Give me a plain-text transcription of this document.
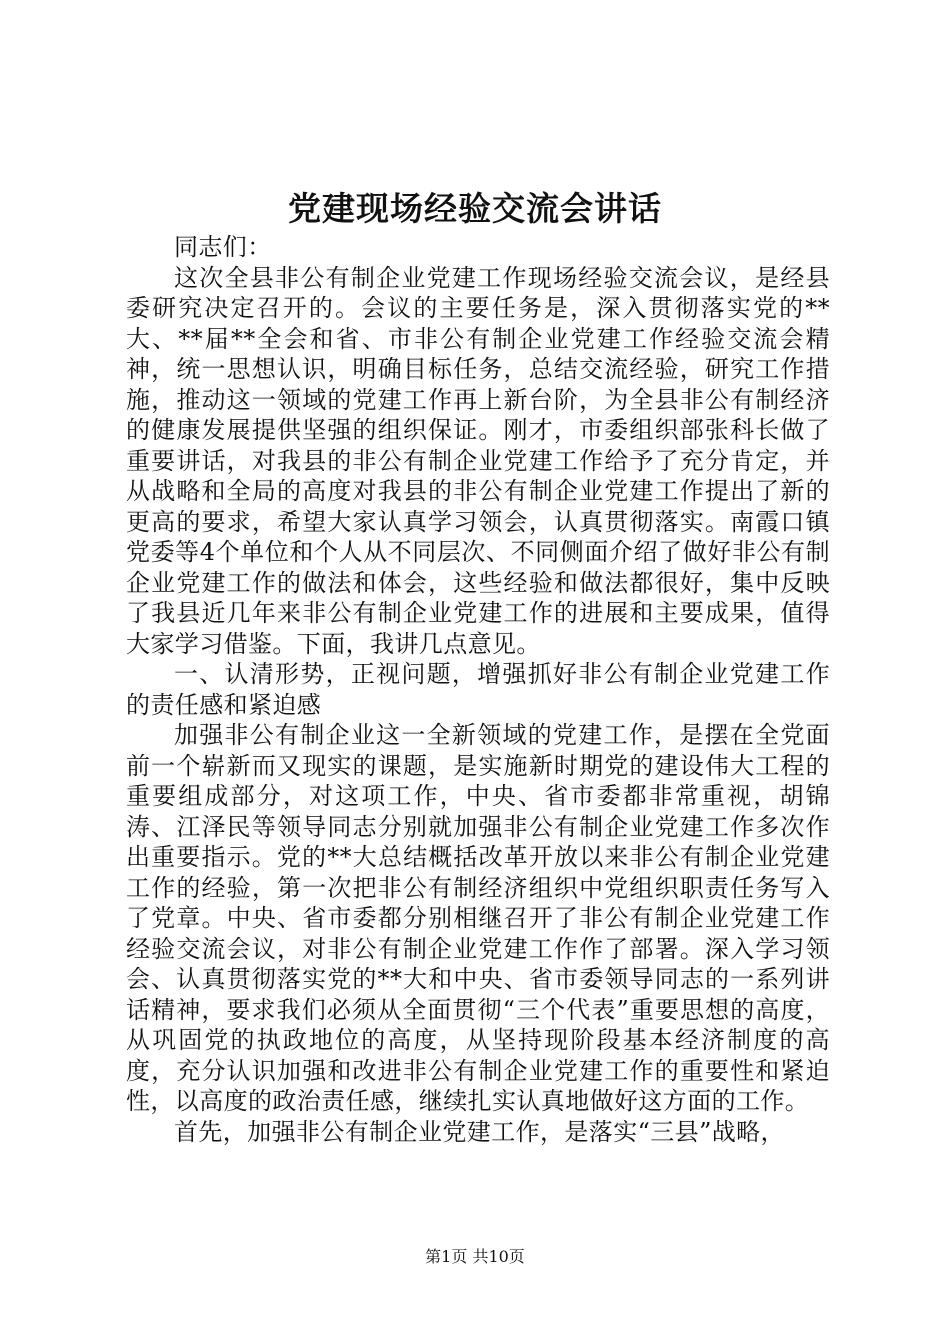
党建现场经验交流会讲话

同志们：

这次全县非公有制企业党建工作现场经验交流会议，是经县委研究决定召开的。会议的主要任务是，深入贯彻落实党的**大、**届**全会和省、市非公有制企业党建工作经验交流会精神，统一思想认识，明确目标任务，总结交流经验，研究工作措施，推动这一领域的党建工作再上新台阶，为全县非公有制经济的健康发展提供坚强的组织保证。刚才，市委组织部张科长做了重要讲话，对我县的非公有制企业党建工作给予了充分肯定，并从战略和全局的高度对我县的非公有制企业党建工作提出了新的更高的要求，希望大家认真学习领会，认真贯彻落实。南霞口镇党委等4个单位和个人从不同层次、不同侧面介绍了做好非公有制企业党建工作的做法和体会，这些经验和做法都很好，集中反映了我县近几年来非公有制企业党建工作的进展和主要成果，值得大家学习借鉴。下面，我讲几点意见。

一、认清形势，正视问题，增强抓好非公有制企业党建工作的责任感和紧迫感

加强非公有制企业这一全新领域的党建工作，是摆在全党面前一个崭新而又现实的课题，是实施新时期党的建设伟大工程的重要组成部分，对这项工作，中央、省市委都非常重视，胡锦涛、江泽民等领导同志分别就加强非公有制企业党建工作多次作出重要指示。党的**大总结概括改革开放以来非公有制企业党建工作的经验，第一次把非公有制经济组织中党组织职责任务写入了党章。中央、省市委都分别相继召开了非公有制企业党建工作经验交流会议，对非公有制企业党建工作作了部署。深入学习领会、认真贯彻落实党的**大和中央、省市委领导同志的一系列讲话精神，要求我们必须从全面贯彻“三个代表”重要思想的高度，从巩固党的执政地位的高度，从坚持现阶段基本经济制度的高度，充分认识加强和改进非公有制企业党建工作的重要性和紧迫性，以高度的政治责任感，继续扎实认真地做好这方面的工作。

首先，加强非公有制企业党建工作，是落实“三县”战略，

第1页 共10页
